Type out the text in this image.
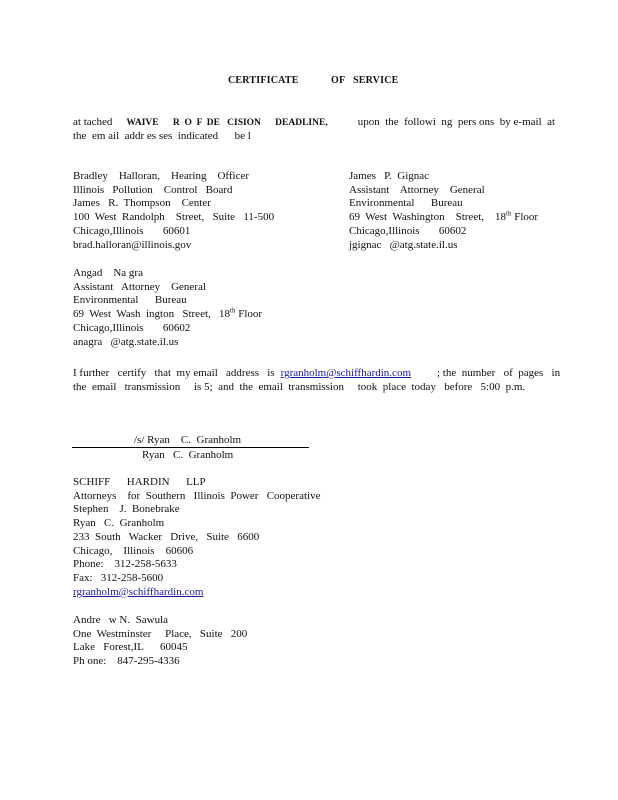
CERTIFICATE            OF   SERVICE
at tached WAIVE      R  O  F  DE   CISION      DEADLINE,	upon  the  followi  ng  pers ons  by e-mail  at
the  em ail  addr es ses  indicated      be l
Bradley    Halloran,    Hearing    Officer
Illinois   Pollution    Control   Board
James   R.  Thompson    Center
100  West  Randolph    Street,   Suite   11-500
Chicago,Illinois       60601
brad.halloran@illinois.gov
James   P.  Gignac
Assistant    Attorney    General
Environmental      Bureau
69  West  Washington    Street,    18th Floor
Chicago,Illinois       60602
jgignac   @atg.state.il.us
Angad    Na gra
Assistant   Attorney    General
Environmental      Bureau
69  West  Wash  ington   Street,   18th Floor
Chicago,Illinois       60602
anagra   @atg.state.il.us
I further   certify   that  my email   address   is rgranholm@schiffhardin.com ; the  number   of  pages   in
the  email   transmission     is 5;  and  the  email  transmission     took  place  today   before   5:00  p.m.
/s/ Ryan    C.  Granholm
Ryan   C.  Granholm
SCHIFF      HARDIN      LLP
Attorneys    for  Southern   Illinois  Power   Cooperative
Stephen    J.  Bonebrake
Ryan   C.  Granholm
233  South   Wacker   Drive,   Suite   6600
Chicago,    Illinois    60606
Phone:    312-258-5633
Fax:   312-258-5600
rgranholm@schiffhardin.com
Andre   w N.  Sawula
One  Westminster     Place,   Suite   200
Lake   Forest,IL      60045
Ph one:    847-295-4336
